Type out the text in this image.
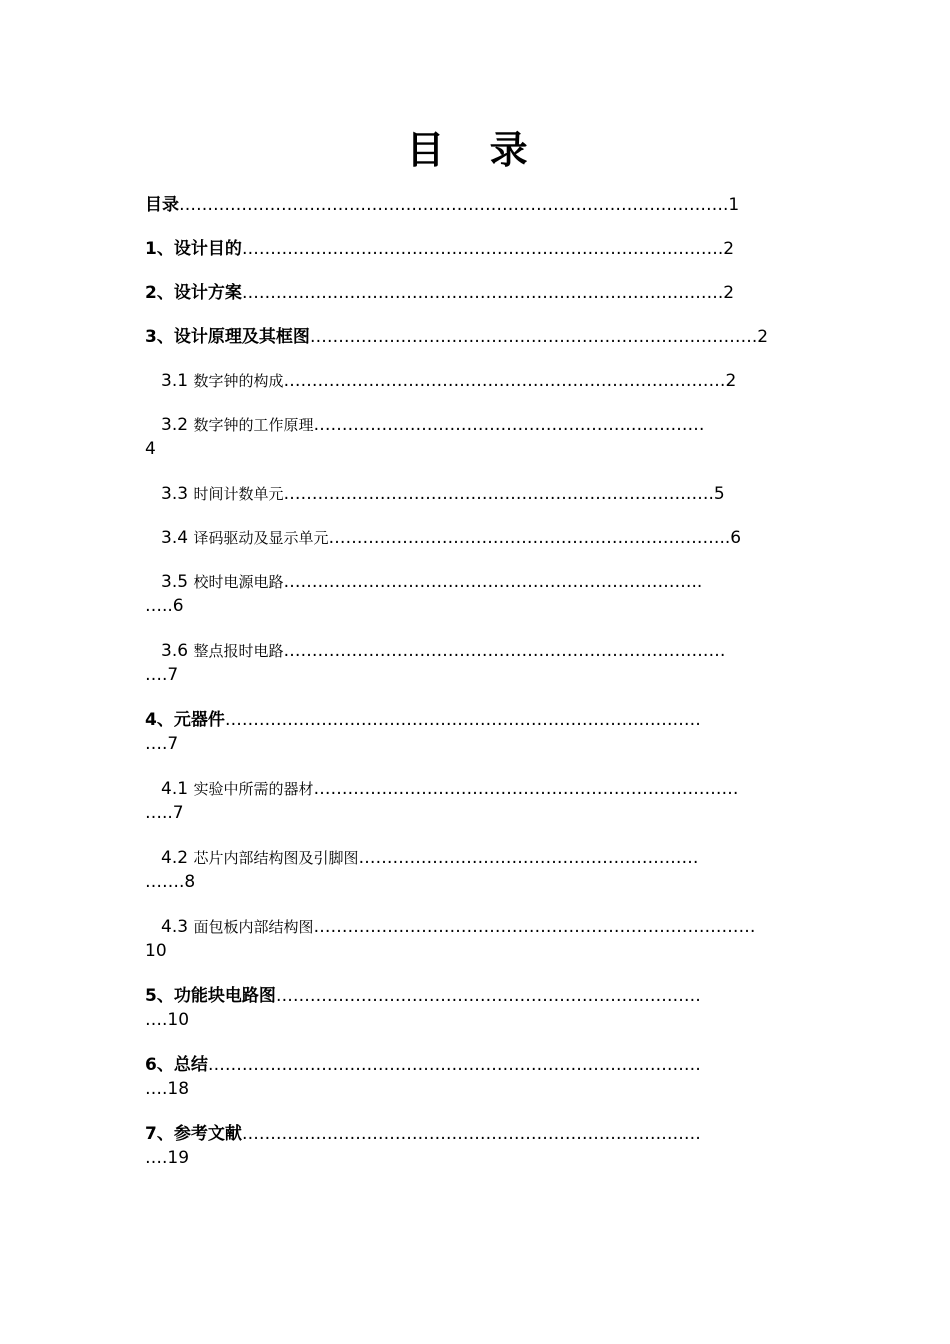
目 录
目录…………………………………………………………………………………….1
1、设计目的………………………………………………………………………….2
2、设计方案………………………………………………………………………….2
3、设计原理及其框图…………………………………………………………………….2
3.1 数字钟的构成……………………………………………………………………2
3.2 数字钟的工作原理……………………………………………………………
4
3.3 时间计数单元………………………………………………………………….5
3.4 译码驱动及显示单元……………………………………………………………..6
3.5 校时电源电路………………………………………………………………..
…..6
3.6 整点报时电路……………………………………………………………………
….7
4、元器件…………………………………………………………………………
….7
4.1 实验中所需的器材…………………………………………………………………
…..7
4.2 芯片内部结构图及引脚图……………………………………………………
…….8
4.3 面包板内部结构图……………………………………………………………………
10
5、功能块电路图…………………………………………………………………
….10
6、总结……………………………………………………………………………
….18
7、参考文献………………………………………………………………………
….19
